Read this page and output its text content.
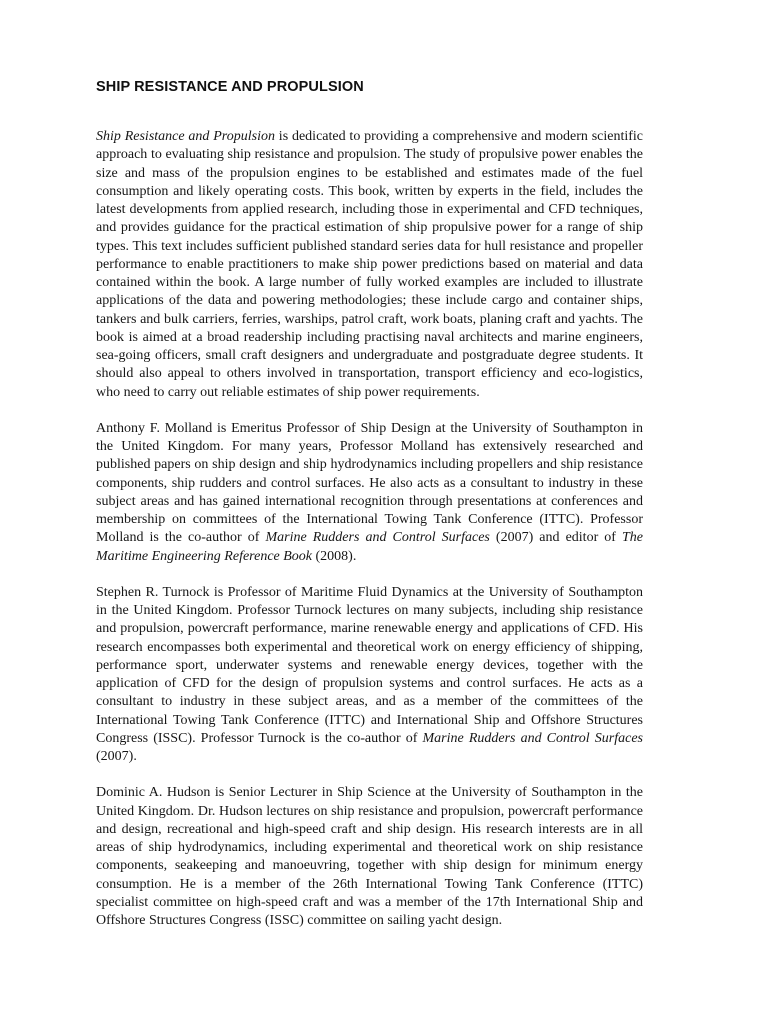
SHIP RESISTANCE AND PROPULSION

Ship Resistance and Propulsion is dedicated to providing a comprehensive and modern scientific approach to evaluating ship resistance and propulsion. The study of propulsive power enables the size and mass of the propulsion engines to be established and estimates made of the fuel consumption and likely operating costs. This book, written by experts in the field, includes the latest developments from applied research, including those in experimental and CFD techniques, and provides guidance for the practical estimation of ship propulsive power for a range of ship types. This text includes sufficient published standard series data for hull resistance and propeller performance to enable practitioners to make ship power predictions based on material and data contained within the book. A large number of fully worked examples are included to illustrate applications of the data and powering methodologies; these include cargo and container ships, tankers and bulk carriers, ferries, warships, patrol craft, work boats, planing craft and yachts. The book is aimed at a broad readership including practising naval architects and marine engineers, sea-going officers, small craft designers and undergraduate and postgraduate degree students. It should also appeal to others involved in transportation, transport efficiency and eco-logistics, who need to carry out reliable estimates of ship power requirements.

Anthony F. Molland is Emeritus Professor of Ship Design at the University of Southampton in the United Kingdom. For many years, Professor Molland has extensively researched and published papers on ship design and ship hydrodynamics including propellers and ship resistance components, ship rudders and control surfaces. He also acts as a consultant to industry in these subject areas and has gained international recognition through presentations at conferences and membership on committees of the International Towing Tank Conference (ITTC). Professor Molland is the co-author of Marine Rudders and Control Surfaces (2007) and editor of The Maritime Engineering Reference Book (2008).

Stephen R. Turnock is Professor of Maritime Fluid Dynamics at the University of Southampton in the United Kingdom. Professor Turnock lectures on many subjects, including ship resistance and propulsion, powercraft performance, marine renewable energy and applications of CFD. His research encompasses both experimental and theoretical work on energy efficiency of shipping, performance sport, underwater systems and renewable energy devices, together with the application of CFD for the design of propulsion systems and control surfaces. He acts as a consultant to industry in these subject areas, and as a member of the committees of the International Towing Tank Conference (ITTC) and International Ship and Offshore Structures Congress (ISSC). Professor Turnock is the co-author of Marine Rudders and Control Surfaces (2007).

Dominic A. Hudson is Senior Lecturer in Ship Science at the University of Southampton in the United Kingdom. Dr. Hudson lectures on ship resistance and propulsion, powercraft performance and design, recreational and high-speed craft and ship design. His research interests are in all areas of ship hydrodynamics, including experimental and theoretical work on ship resistance components, seakeeping and manoeuvring, together with ship design for minimum energy consumption. He is a member of the 26th International Towing Tank Conference (ITTC) specialist committee on high-speed craft and was a member of the 17th International Ship and Offshore Structures Congress (ISSC) committee on sailing yacht design.
